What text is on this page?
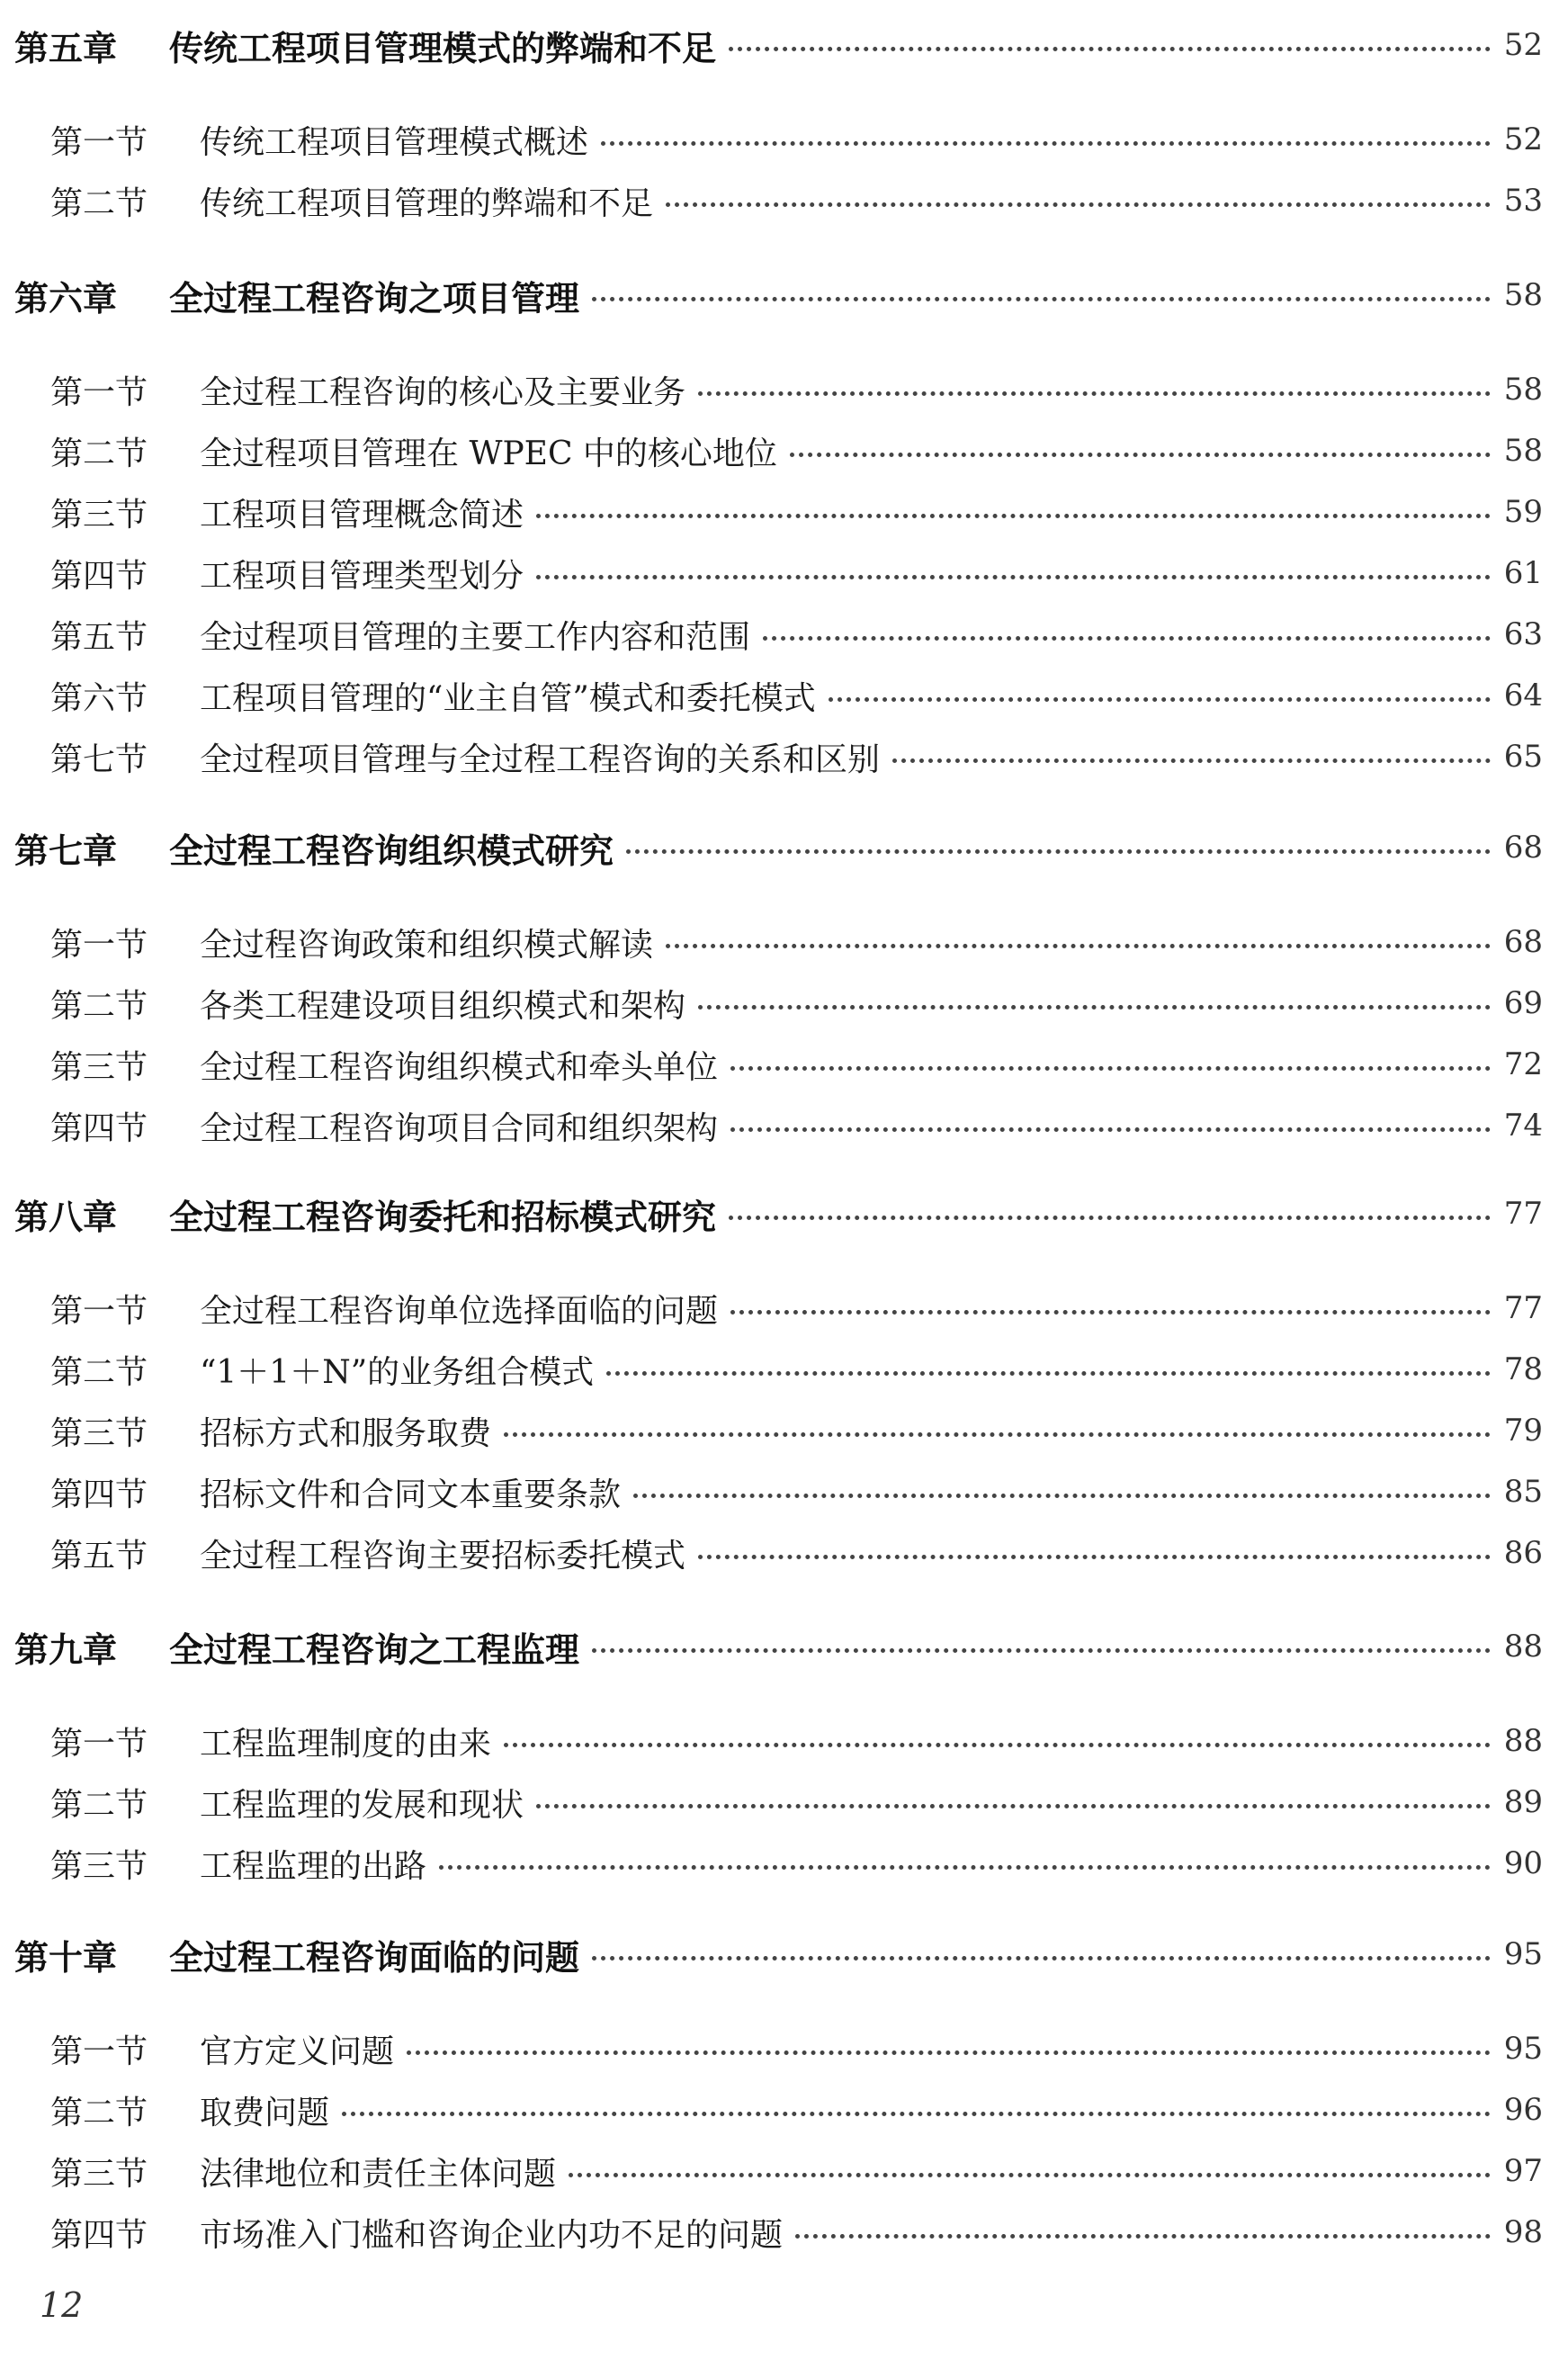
第五章	传统工程项目管理模式的弊端和不足	52
第一节	传统工程项目管理模式概述	52
第二节	传统工程项目管理的弊端和不足	53
第六章	全过程工程咨询之项目管理	58
第一节	全过程工程咨询的核心及主要业务	58
第二节	全过程项目管理在 WPEC 中的核心地位	58
第三节	工程项目管理概念简述	59
第四节	工程项目管理类型划分	61
第五节	全过程项目管理的主要工作内容和范围	63
第六节	工程项目管理的“业主自管”模式和委托模式	64
第七节	全过程项目管理与全过程工程咨询的关系和区别	65
第七章	全过程工程咨询组织模式研究	68
第一节	全过程咨询政策和组织模式解读	68
第二节	各类工程建设项目组织模式和架构	69
第三节	全过程工程咨询组织模式和牵头单位	72
第四节	全过程工程咨询项目合同和组织架构	74
第八章	全过程工程咨询委托和招标模式研究	77
第一节	全过程工程咨询单位选择面临的问题	77
第二节	“1＋1＋N”的业务组合模式	78
第三节	招标方式和服务取费	79
第四节	招标文件和合同文本重要条款	85
第五节	全过程工程咨询主要招标委托模式	86
第九章	全过程工程咨询之工程监理	88
第一节	工程监理制度的由来	88
第二节	工程监理的发展和现状	89
第三节	工程监理的出路	90
第十章	全过程工程咨询面临的问题	95
第一节	官方定义问题	95
第二节	取费问题	96
第三节	法律地位和责任主体问题	97
第四节	市场准入门槛和咨询企业内功不足的问题	98
12
